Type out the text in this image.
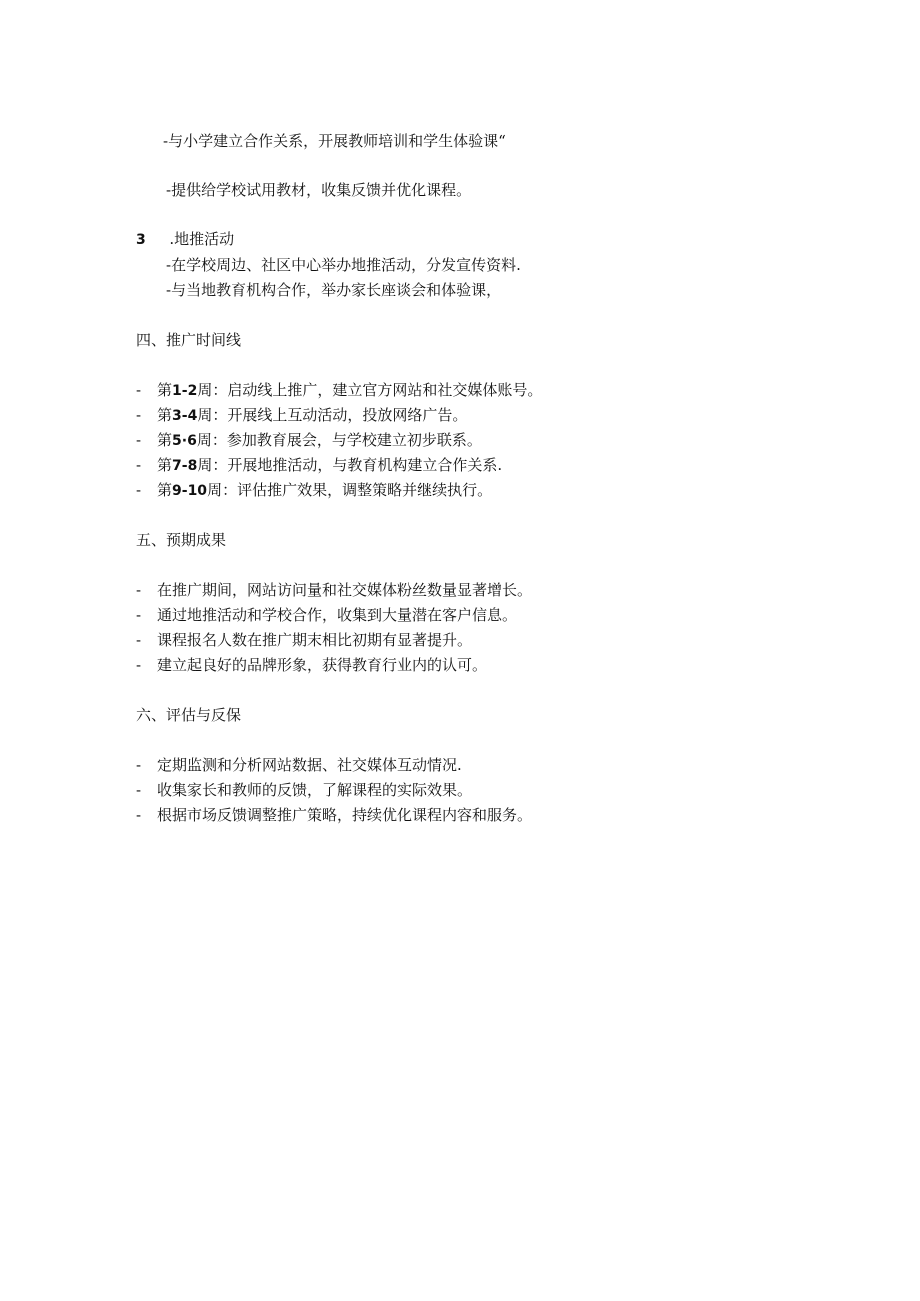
-与小学建立合作关系，开展教师培训和学生体验课“
-提供给学校试用教材，收集反馈并优化课程。
3 .地推活动
-在学校周边、社区中心举办地推活动，分发宣传资料.
-与当地教育机构合作，举办家长座谈会和体验课，
四、推广时间线
- 第1-2周：启动线上推广，建立官方网站和社交媒体账号。
- 第3-4周：开展线上互动活动，投放网络广告。
- 第5·6周：参加教育展会，与学校建立初步联系。
- 第7-8周：开展地推活动，与教育机构建立合作关系.
- 第9-10周：评估推广效果，调整策略并继续执行。
五、预期成果
- 在推广期间，网站访问量和社交媒体粉丝数量显著增长。
- 通过地推活动和学校合作，收集到大量潜在客户信息。
- 课程报名人数在推广期末相比初期有显著提升。
- 建立起良好的品牌形象，获得教育行业内的认可。
六、评估与反保
- 定期监测和分析网站数据、社交媒体互动情况.
- 收集家长和教师的反馈，了解课程的实际效果。
- 根据市场反馈调整推广策略，持续优化课程内容和服务。
